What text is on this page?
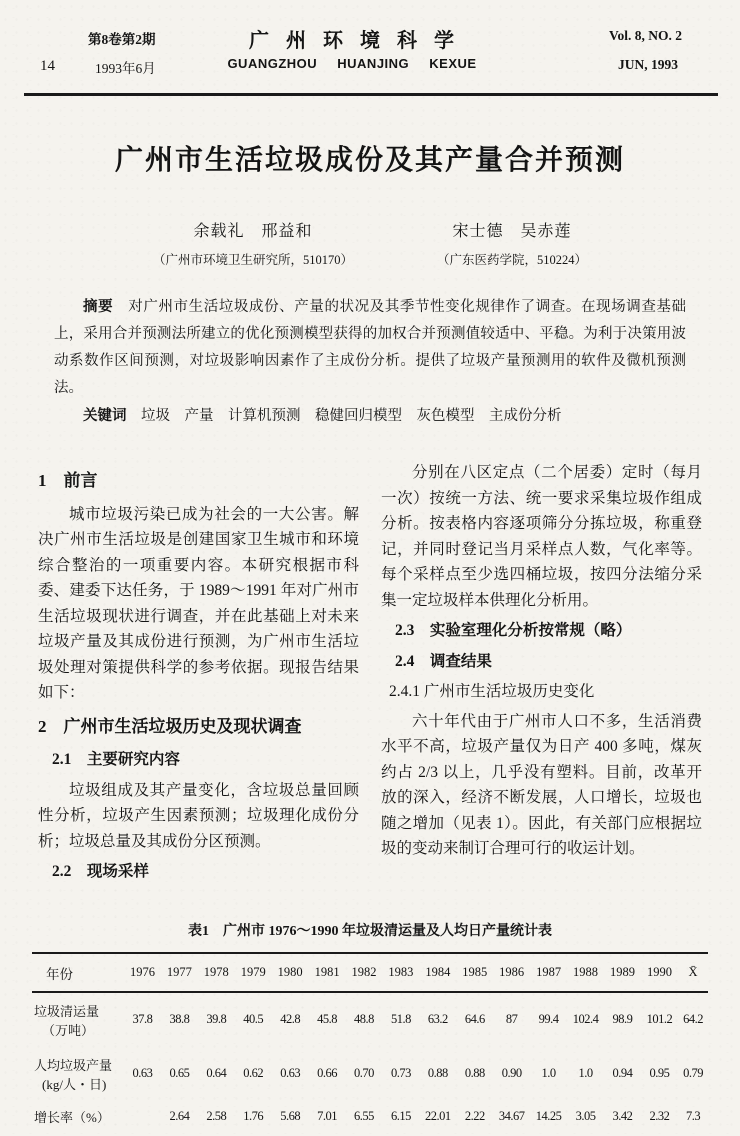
14
第8卷第2期
1993年6月
广州环境科学
GUANGZHOU HUANJING KEXUE
Vol. 8, NO. 2
JUN, 1993
广州市生活垃圾成份及其产量合并预测
余载礼　邢益和
（广州市环境卫生研究所，510170）
宋士德　吴赤莲
（广东医药学院，510224）

摘要　 对广州市生活垃圾成份、产量的状况及其季节性变化规律作了调查。在现场调查基础上，采用合并预测法所建立的优化预测模型获得的加权合并预测值较适中、平稳。为利于决策用波动系数作区间预测，对垃圾影响因素作了主成份分析。提供了垃圾产量预测用的软件及微机预测法。

关键词　 垃圾　产量　计算机预测　稳健回归模型　灰色模型　主成份分析

1　前言

城市垃圾污染已成为社会的一大公害。解决广州市生活垃圾是创建国家卫生城市和环境综合整治的一项重要内容。本研究根据市科委、建委下达任务，于 1989～1991 年对广州市生活垃圾现状进行调查，并在此基础上对未来垃圾产量及其成份进行预测，为广州市生活垃圾处理对策提供科学的参考依据。现报告结果如下：

2　广州市生活垃圾历史及现状调查
2.1　主要研究内容

垃圾组成及其产量变化，含垃圾总量回顾性分析，垃圾产生因素预测；垃圾理化成份分析；垃圾总量及其成份分区预测。

2.2　现场采样

分别在八区定点（二个居委）定时（每月一次）按统一方法、统一要求采集垃圾作组成分析。按表格内容逐项筛分分拣垃圾，称重登记，并同时登记当月采样点人数，气化率等。每个采样点至少选四桶垃圾，按四分法缩分采集一定垃圾样本供理化分析用。

2.3　实验室理化分析按常规（略）
2.4　调查结果
2.4.1 广州市生活垃圾历史变化

六十年代由于广州市人口不多，生活消费水平不高，垃圾产量仅为日产 400 多吨，煤灰约占 2/3 以上，几乎没有塑料。目前，改革开放的深入，经济不断发展，人口增长，垃圾也随之增加（见表 1）。因此，有关部门应根据垃圾的变动来制订合理可行的收运计划。

表1　广州市 1976～1990 年垃圾清运量及人均日产量统计表
年份	1976	1977	1978	1979	1980	1981	1982	1983	1984	1985	1986	1987	1988	1989	1990	X̄

垃圾清运量
（万吨）	37.8	38.8	39.8	40.5	42.8	45.8	48.8	51.8	63.2	64.6	87	99.4	102.4	98.9	101.2	64.2

人均垃圾产量
(kg/人・日)	0.63	0.65	0.64	0.62	0.63	0.66	0.70	0.73	0.88	0.88	0.90	1.0	1.0	0.94	0.95	0.79

增长率（%）		2.64	2.58	1.76	5.68	7.01	6.55	6.15	22.01	2.22	34.67	14.25	3.05	3.42	2.32	7.3
